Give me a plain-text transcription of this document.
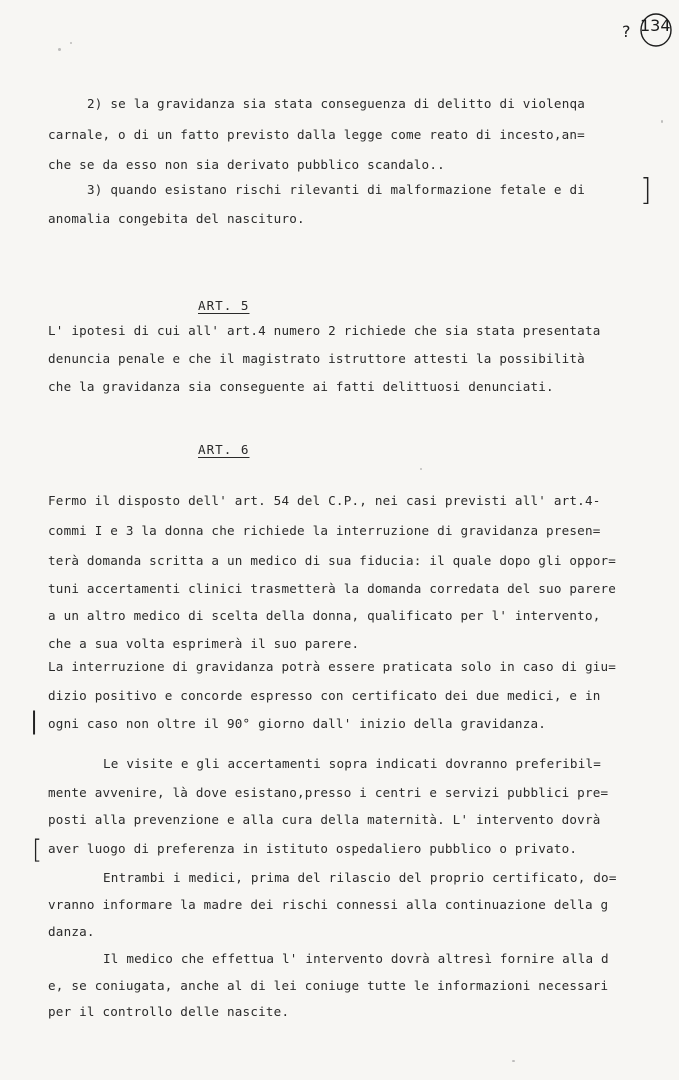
? 134
2) se la gravidanza sia stata conseguenza di delitto di violenqa
carnale, o di un fatto previsto dalla legge come reato di incesto,an=
che se da esso non sia derivato pubblico scandalo..
3) quando esistano rischi rilevanti di malformazione fetale e di
anomalia congebita del nascituro.
]
ART. 5
L' ipotesi di cui all' art.4 numero 2 richiede che sia stata presentata
denuncia penale e che il magistrato istruttore attesti la possibilità
che la gravidanza sia conseguente ai fatti delittuosi denunciati.
ART. 6
Fermo il disposto dell' art. 54 del C.P., nei casi previsti all' art.4-
commi I e 3 la donna che richiede la interruzione di gravidanza presen=
terà domanda scritta a un medico di sua fiducia: il quale dopo gli oppor=
tuni accertamenti clinici trasmetterà la domanda corredata del suo parere
a un altro medico di scelta della donna, qualificato per l' intervento,
che a sua volta esprimerà il suo parere.
La interruzione di gravidanza potrà essere praticata solo in caso di giu=
dizio positivo e concorde espresso con certificato dei due medici, e in
ogni caso non oltre il 90° giorno dall' inizio della gravidanza.
|
Le visite e gli accertamenti sopra indicati dovranno preferibil=
mente avvenire, là dove esistano,presso i centri e servizi pubblici pre=
posti alla prevenzione e alla cura della maternità. L' intervento dovrà
aver luogo di preferenza in istituto ospedaliero pubblico o privato.
[
Entrambi i medici, prima del rilascio del proprio certificato, do=
vranno informare la madre dei rischi connessi alla continuazione della g
danza.
Il medico che effettua l' intervento dovrà altresì fornire alla d
e, se coniugata, anche al di lei coniuge tutte le informazioni necessari
per il controllo delle nascite.
